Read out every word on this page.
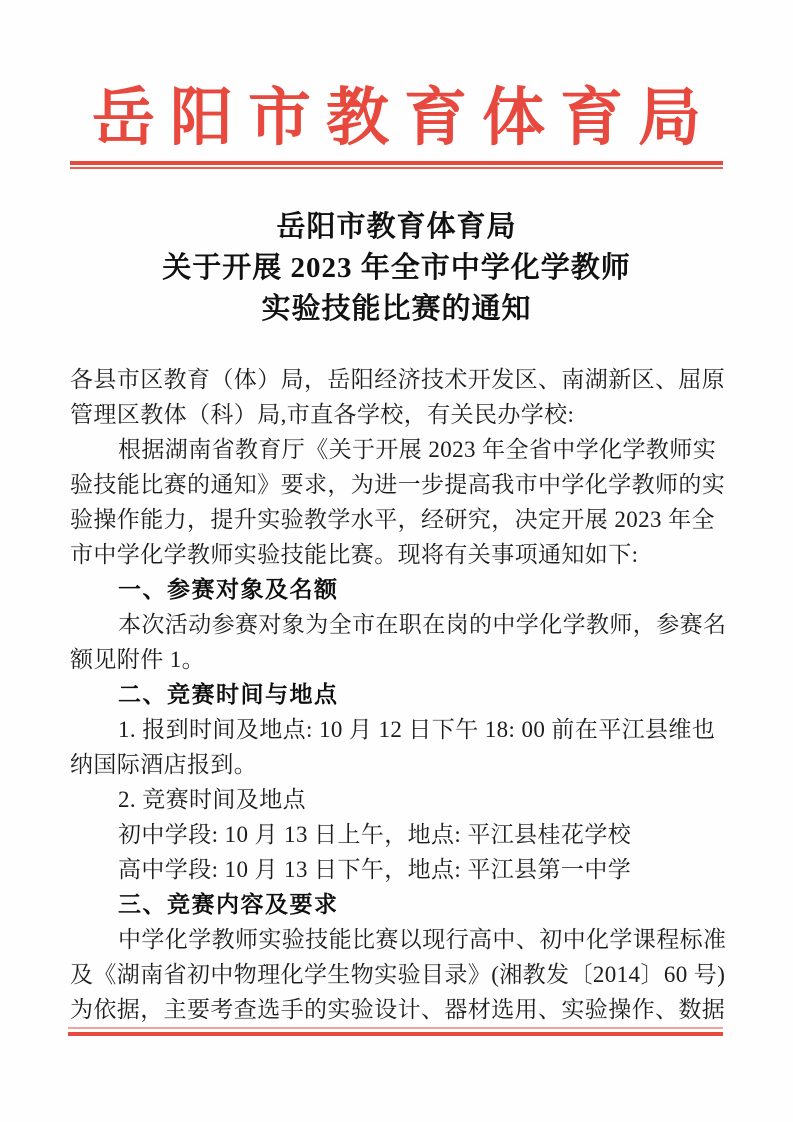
岳阳市教育体育局
岳阳市教育体育局
关于开展 2023 年全市中学化学教师
实验技能比赛的通知
各县市区教育（体）局，岳阳经济技术开发区、南湖新区、屈原
管理区教体（科）局,市直各学校，有关民办学校:
根据湖南省教育厅《关于开展 2023 年全省中学化学教师实
验技能比赛的通知》要求，为进一步提高我市中学化学教师的实
验操作能力，提升实验教学水平，经研究，决定开展 2023 年全
市中学化学教师实验技能比赛。现将有关事项通知如下:
一、参赛对象及名额
本次活动参赛对象为全市在职在岗的中学化学教师，参赛名
额见附件 1。
二、竞赛时间与地点
1. 报到时间及地点: 10 月 12 日下午 18: 00 前在平江县维也
纳国际酒店报到。
2. 竞赛时间及地点
初中学段: 10 月 13 日上午，地点: 平江县桂花学校
高中学段: 10 月 13 日下午，地点: 平江县第一中学
三、竞赛内容及要求
中学化学教师实验技能比赛以现行高中、初中化学课程标准
及《湖南省初中物理化学生物实验目录》(湘教发〔2014〕60 号)
为依据，主要考查选手的实验设计、器材选用、实验操作、数据
